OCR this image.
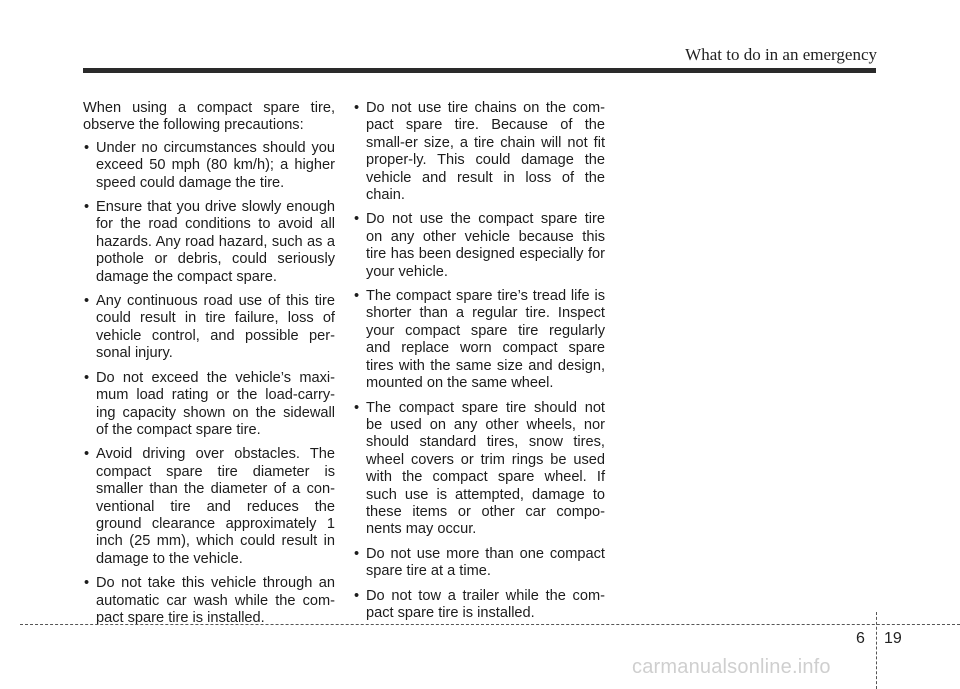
What to do in an emergency

When using a compact spare tire, observe the following precautions:

• Under no circumstances should you exceed 50 mph (80 km/h); a higher speed could damage the tire.
• Ensure that you drive slowly enough for the road conditions to avoid all hazards. Any road hazard, such as a pothole or debris, could seriously damage the compact spare.
• Any continuous road use of this tire could result in tire failure, loss of vehicle control, and possible per-sonal injury.
• Do not exceed the vehicle’s maxi-mum load rating or the load-carry-ing capacity shown on the sidewall of the compact spare tire.
• Avoid driving over obstacles. The compact spare tire diameter is smaller than the diameter of a con-ventional tire and reduces the ground clearance approximately 1 inch (25 mm), which could result in damage to the vehicle.
• Do not take this vehicle through an automatic car wash while the com-pact spare tire is installed.
• Do not use tire chains on the com-pact spare tire. Because of the small-er size, a tire chain will not fit proper-ly. This could damage the vehicle and result in loss of the chain.
• Do not use the compact spare tire on any other vehicle because this tire has been designed especially for your vehicle.
• The compact spare tire’s tread life is shorter than a regular tire. Inspect your compact spare tire regularly and replace worn compact spare tires with the same size and design, mounted on the same wheel.
• The compact spare tire should not be used on any other wheels, nor should standard tires, snow tires, wheel covers or trim rings be used with the compact spare wheel. If such use is attempted, damage to these items or other car compo-nents may occur.
• Do not use more than one compact spare tire at a time.
• Do not tow a trailer while the com-pact spare tire is installed.
6 19
carmanualsonline.info
